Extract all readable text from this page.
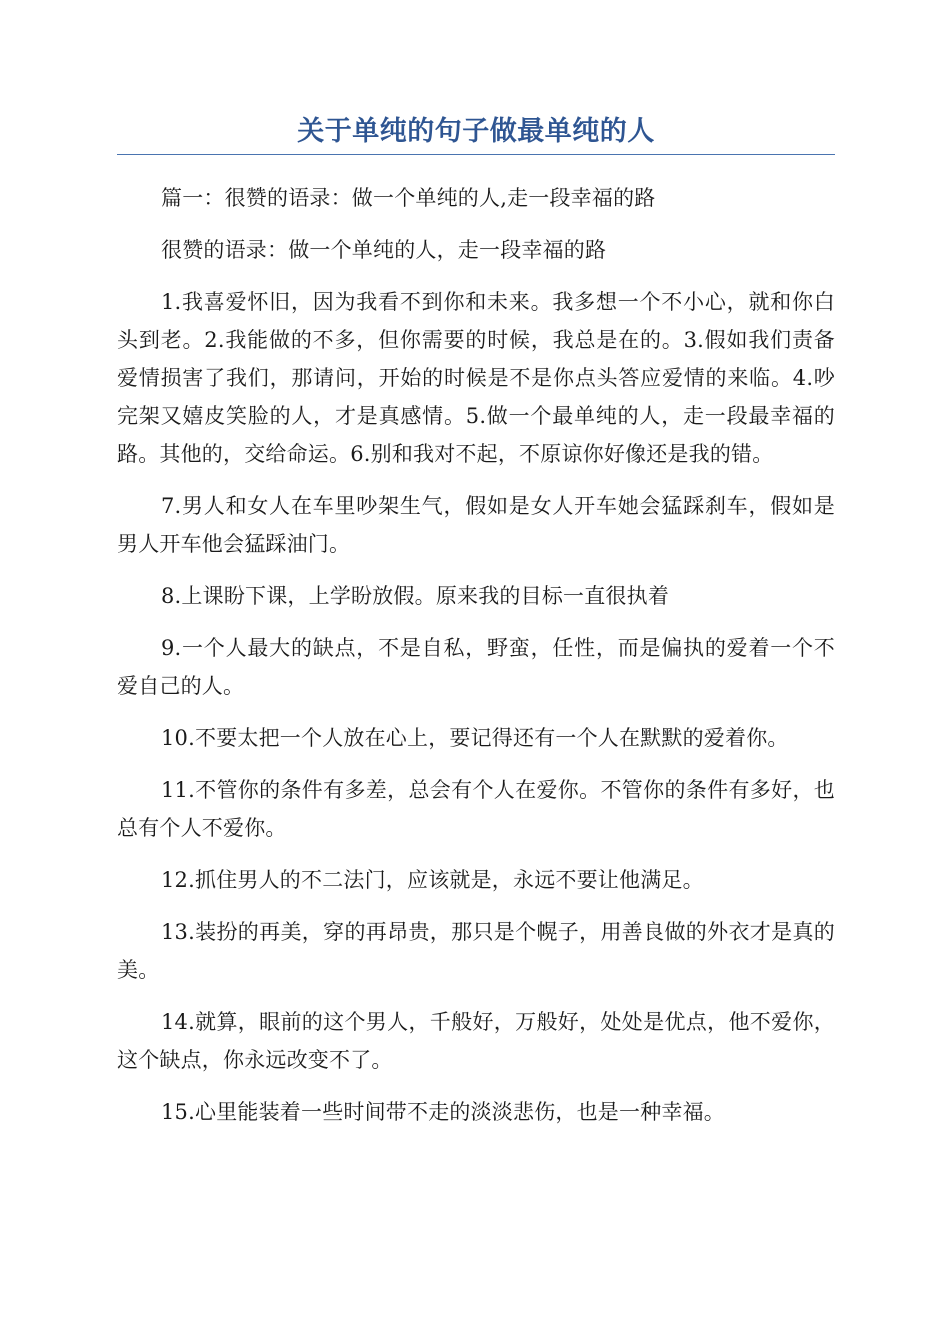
关于单纯的句子做最单纯的人

篇一：很赞的语录：做一个单纯的人,走一段幸福的路

很赞的语录：做一个单纯的人，走一段幸福的路

1.我喜爱怀旧，因为我看不到你和未来。我多想一个不小心，就和你白头到老。2.我能做的不多，但你需要的时候，我总是在的。3.假如我们责备爱情损害了我们，那请问，开始的时候是不是你点头答应爱情的来临。4.吵完架又嬉皮笑脸的人，才是真感情。5.做一个最单纯的人，走一段最幸福的路。其他的，交给命运。6.别和我对不起，不原谅你好像还是我的错。

7.男人和女人在车里吵架生气，假如是女人开车她会猛踩刹车，假如是男人开车他会猛踩油门。

8.上课盼下课，上学盼放假。原来我的目标一直很执着

9.一个人最大的缺点，不是自私，野蛮，任性，而是偏执的爱着一个不爱自己的人。

10.不要太把一个人放在心上，要记得还有一个人在默默的爱着你。

11.不管你的条件有多差，总会有个人在爱你。不管你的条件有多好，也总有个人不爱你。

12.抓住男人的不二法门，应该就是，永远不要让他满足。

13.装扮的再美，穿的再昂贵，那只是个幌子，用善良做的外衣才是真的美。

14.就算，眼前的这个男人，千般好，万般好，处处是优点，他不爱你，这个缺点，你永远改变不了。

15.心里能装着一些时间带不走的淡淡悲伤，也是一种幸福。
